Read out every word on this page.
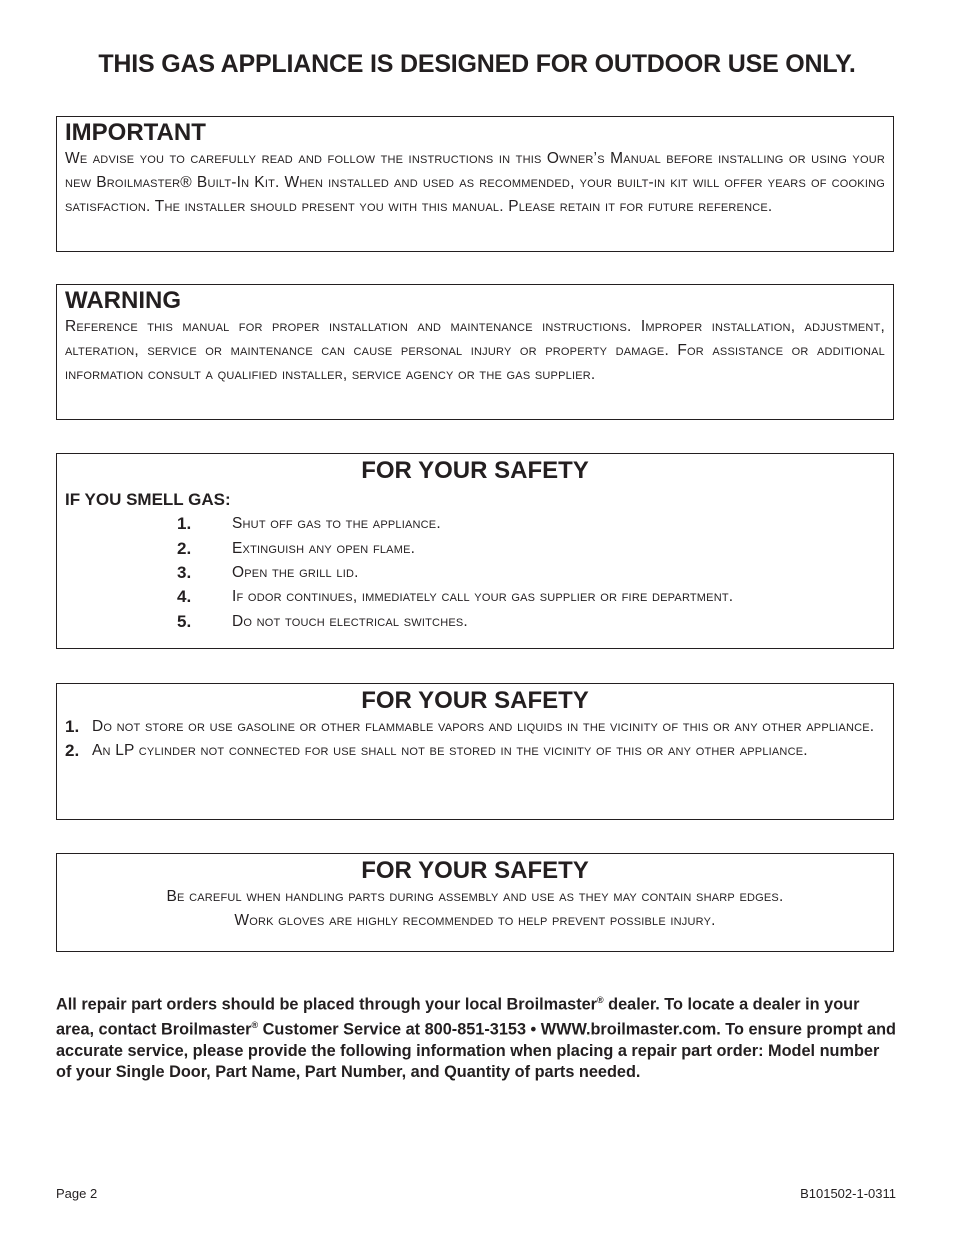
THIS GAS APPLIANCE IS DESIGNED FOR OUTDOOR USE ONLY.
IMPORTANT
We advise you to carefully read and follow the instructions in this Owner’s Manual before installing or using your new Broilmaster® Built-In Kit. When installed and used as recommended, your built-in kit will offer years of cooking satisfaction. The installer should present you with this manual. Please retain it for future reference.
WARNING
Reference this manual for proper installation and maintenance instructions. Improper installation, adjustment, alteration, service or maintenance can cause personal injury or property damage. For assistance or additional information consult a qualified installer, service agency or the gas supplier.
FOR YOUR SAFETY
IF YOU SMELL GAS:
1.	Shut off gas to the appliance.
2.	Extinguish any open flame.
3.	Open the grill lid.
4.	If odor continues, immediately call your gas supplier or fire department.
5.	Do not touch electrical switches.
FOR YOUR SAFETY
1. Do not store or use gasoline or other flammable vapors and liquids in the vicinity of this or any other appliance.
2. An LP cylinder not connected for use shall not be stored in the vicinity of this or any other appliance.
FOR YOUR SAFETY
Be careful when handling parts during assembly and use as they may contain sharp edges.
Work gloves are highly recommended to help prevent possible injury.
All repair part orders should be placed through your local Broilmaster® dealer. To locate a dealer in your area, contact Broilmaster® Customer Service at 800-851-3153 • WWW.broilmaster.com. To ensure prompt and accurate service, please provide the following information when placing a repair part order: Model number of your Single Door, Part Name, Part Number, and Quantity of parts needed.
Page 2	B101502-1-0311
